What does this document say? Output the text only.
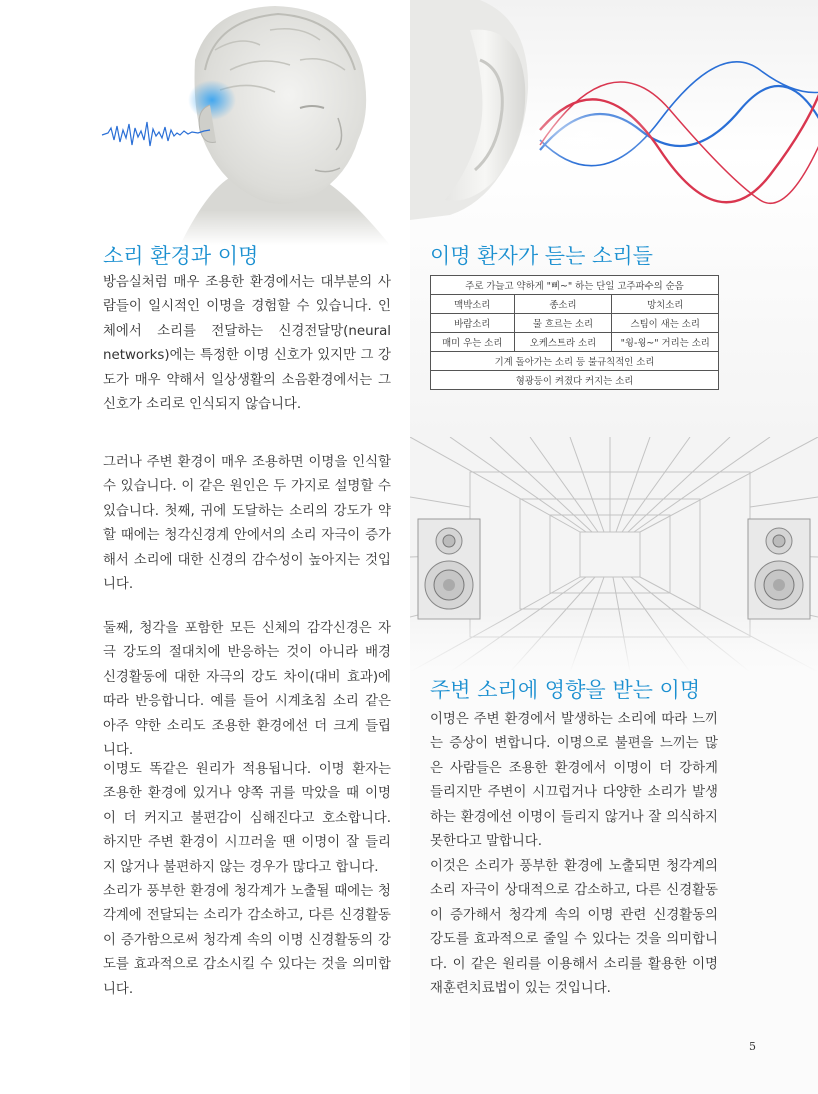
소리 환경과 이명	이명 환자가 듣는 소리들
주변 소리에 영향을 받는 이명

방음실처럼 매우 조용한 환경에서는 대부분의 사람들이 일시적인 이명을 경험할 수 있습니다. 인체에서 소리를 전달하는 신경전달망(neural networks)에는 특정한 이명 신호가 있지만 그 강도가 매우 약해서 일상생활의 소음환경에서는 그 신호가 소리로 인식되지 않습니다.

그러나 주변 환경이 매우 조용하면 이명을 인식할 수 있습니다. 이 같은 원인은 두 가지로 설명할 수 있습니다. 첫째, 귀에 도달하는 소리의 강도가 약할 때에는 청각신경계 안에서의 소리 자극이 증가해서 소리에 대한 신경의 감수성이 높아지는 것입니다.

둘째, 청각을 포함한 모든 신체의 감각신경은 자극 강도의 절대치에 반응하는 것이 아니라 배경 신경활동에 대한 자극의 강도 차이(대비 효과)에 따라 반응합니다. 예를 들어 시계초침 소리 같은 아주 약한 소리도 조용한 환경에선 더 크게 들립니다.

이명도 똑같은 원리가 적용됩니다. 이명 환자는 조용한 환경에 있거나 양쪽 귀를 막았을 때 이명이 더 커지고 불편감이 심해진다고 호소합니다. 하지만 주변 환경이 시끄러울 땐 이명이 잘 들리지 않거나 불편하지 않는 경우가 많다고 합니다.

소리가 풍부한 환경에 청각계가 노출될 때에는 청각계에 전달되는 소리가 감소하고, 다른 신경활동이 증가함으로써 청각계 속의 이명 신경활동의 강도를 효과적으로 감소시킬 수 있다는 것을 의미합니다.

주로 가늘고 약하게 "삐~" 하는 단일 고주파수의 순음		
맥박소리	종소리	망치소리
바람소리	물 흐르는 소리	스팀이 새는 소리
매미 우는 소리	오케스트라 소리	"윙-윙~" 거리는 소리
기계 돌아가는 소리 등 불규칙적인 소리		
형광등이 켜졌다 커지는 소리		

이명은 주변 환경에서 발생하는 소리에 따라 느끼는 증상이 변합니다. 이명으로 불편을 느끼는 많은 사람들은 조용한 환경에서 이명이 더 강하게 들리지만 주변이 시끄럽거나 다양한 소리가 발생하는 환경에선 이명이 들리지 않거나 잘 의식하지 못한다고 말합니다.

이것은 소리가 풍부한 환경에 노출되면 청각계의 소리 자극이 상대적으로 감소하고, 다른 신경활동이 증가해서 청각계 속의 이명 관련 신경활동의 강도를 효과적으로 줄일 수 있다는 것을 의미합니다. 이 같은 원리를 이용해서 소리를 활용한 이명재훈련치료법이 있는 것입니다.

5
